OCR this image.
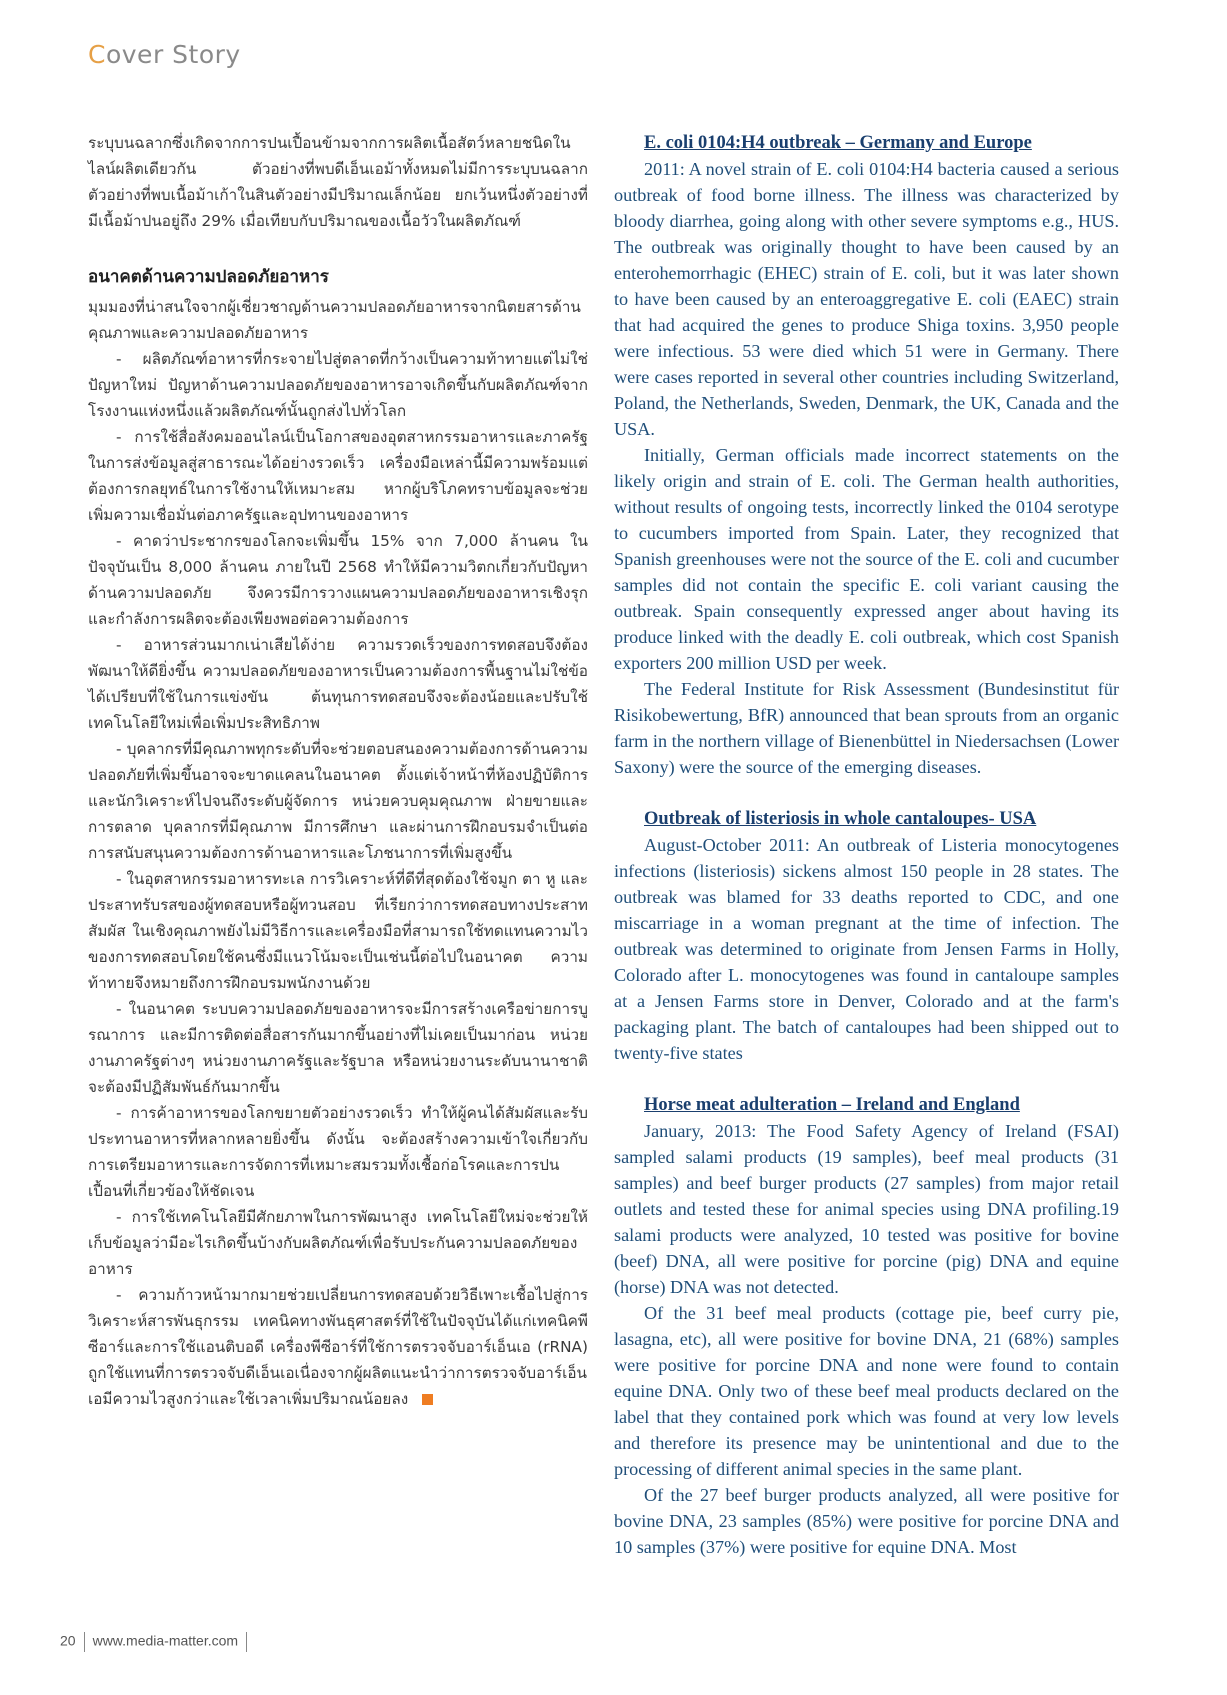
Cover Story

ระบุบนฉลากซึ่งเกิดจากการปนเปื้อนข้ามจากการผลิตเนื้อสัตว์หลายชนิดในไลน์ผลิตเดียวกัน ตัวอย่างที่พบดีเอ็นเอม้าทั้งหมดไม่มีการระบุบนฉลาก ตัวอย่างที่พบเนื้อม้าเก้าในสินตัวอย่างมีปริมาณเล็กน้อย ยกเว้นหนึ่งตัวอย่างที่มีเนื้อม้าปนอยู่ถึง 29% เมื่อเทียบกับปริมาณของเนื้อวัวในผลิตภัณฑ์

อนาคตด้านความปลอดภัยอาหาร

มุมมองที่น่าสนใจจากผู้เชี่ยวชาญด้านความปลอดภัยอาหารจากนิตยสารด้านคุณภาพและความปลอดภัยอาหาร

- ผลิตภัณฑ์อาหารที่กระจายไปสู่ตลาดที่กว้างเป็นความท้าทายแต่ไม่ใช่ปัญหาใหม่ ปัญหาด้านความปลอดภัยของอาหารอาจเกิดขึ้นกับผลิตภัณฑ์จากโรงงานแห่งหนึ่งแล้วผลิตภัณฑ์นั้นถูกส่งไปทั่วโลก

- การใช้สื่อสังคมออนไลน์เป็นโอกาสของอุตสาหกรรมอาหารและภาครัฐในการส่งข้อมูลสู่สาธารณะได้อย่างรวดเร็ว เครื่องมือเหล่านี้มีความพร้อมแต่ต้องการกลยุทธ์ในการใช้งานให้เหมาะสม หากผู้บริโภคทราบข้อมูลจะช่วยเพิ่มความเชื่อมั่นต่อภาครัฐและอุปทานของอาหาร

- คาดว่าประชากรของโลกจะเพิ่มขึ้น 15% จาก 7,000 ล้านคน ในปัจจุบันเป็น 8,000 ล้านคน ภายในปี 2568 ทำให้มีความวิตกเกี่ยวกับปัญหาด้านความปลอดภัย จึงควรมีการวางแผนความปลอดภัยของอาหารเชิงรุก และกำลังการผลิตจะต้องเพียงพอต่อความต้องการ

- อาหารส่วนมากเน่าเสียได้ง่าย ความรวดเร็วของการทดสอบจึงต้องพัฒนาให้ดียิ่งขึ้น ความปลอดภัยของอาหารเป็นความต้องการพื้นฐานไม่ใช่ข้อได้เปรียบที่ใช้ในการแข่งขัน ต้นทุนการทดสอบจึงจะต้องน้อยและปรับใช้เทคโนโลยีใหม่เพื่อเพิ่มประสิทธิภาพ

- บุคลากรที่มีคุณภาพทุกระดับที่จะช่วยตอบสนองความต้องการด้านความปลอดภัยที่เพิ่มขึ้นอาจจะขาดแคลนในอนาคต ตั้งแต่เจ้าหน้าที่ห้องปฏิบัติการและนักวิเคราะห์ไปจนถึงระดับผู้จัดการ หน่วยควบคุมคุณภาพ ฝ่ายขายและการตลาด บุคลากรที่มีคุณภาพ มีการศึกษา และผ่านการฝึกอบรมจำเป็นต่อการสนับสนุนความต้องการด้านอาหารและโภชนาการที่เพิ่มสูงขึ้น

- ในอุตสาหกรรมอาหารทะเล การวิเคราะห์ที่ดีที่สุดต้องใช้จมูก ตา หู และประสาทรับรสของผู้ทดสอบหรือผู้ทวนสอบ ที่เรียกว่าการทดสอบทางประสาทสัมผัส ในเชิงคุณภาพยังไม่มีวิธีการและเครื่องมือที่สามารถใช้ทดแทนความไวของการทดสอบโดยใช้คนซึ่งมีแนวโน้มจะเป็นเช่นนี้ต่อไปในอนาคต ความท้าทายจึงหมายถึงการฝึกอบรมพนักงานด้วย

- ในอนาคต ระบบความปลอดภัยของอาหารจะมีการสร้างเครือข่ายการบูรณาการ และมีการติดต่อสื่อสารกันมากขึ้นอย่างที่ไม่เคยเป็นมาก่อน หน่วยงานภาครัฐต่างๆ หน่วยงานภาครัฐและรัฐบาล หรือหน่วยงานระดับนานาชาติ จะต้องมีปฏิสัมพันธ์กันมากขึ้น

- การค้าอาหารของโลกขยายตัวอย่างรวดเร็ว ทำให้ผู้คนได้สัมผัสและรับประทานอาหารที่หลากหลายยิ่งขึ้น ดังนั้น จะต้องสร้างความเข้าใจเกี่ยวกับการเตรียมอาหารและการจัดการที่เหมาะสมรวมทั้งเชื้อก่อโรคและการปนเปื้อนที่เกี่ยวข้องให้ชัดเจน

- การใช้เทคโนโลยีมีศักยภาพในการพัฒนาสูง เทคโนโลยีใหม่จะช่วยให้เก็บข้อมูลว่ามีอะไรเกิดขึ้นบ้างกับผลิตภัณฑ์เพื่อรับประกันความปลอดภัยของอาหาร

- ความก้าวหน้ามากมายช่วยเปลี่ยนการทดสอบด้วยวิธีเพาะเชื้อไปสู่การวิเคราะห์สารพันธุกรรม เทคนิคทางพันธุศาสตร์ที่ใช้ในปัจจุบันได้แก่เทคนิคพีซีอาร์และการใช้แอนติบอดี เครื่องพีซีอาร์ที่ใช้การตรวจจับอาร์เอ็นเอ (rRNA) ถูกใช้แทนที่การตรวจจับดีเอ็นเอเนื่องจากผู้ผลิตแนะนำว่าการตรวจจับอาร์เอ็นเอมีความไวสูงกว่าและใช้เวลาเพิ่มปริมาณน้อยลง

E. coli 0104:H4 outbreak – Germany and Europe

2011: A novel strain of E. coli 0104:H4 bacteria caused a serious outbreak of food borne illness. The illness was characterized by bloody diarrhea, going along with other severe symptoms e.g., HUS. The outbreak was originally thought to have been caused by an enterohemorrhagic (EHEC) strain of E. coli, but it was later shown to have been caused by an enteroaggregative E. coli (EAEC) strain that had acquired the genes to produce Shiga toxins. 3,950 people were infectious. 53 were died which 51 were in Germany. There were cases reported in several other countries including Switzerland, Poland, the Netherlands, Sweden, Denmark, the UK, Canada and the USA.

Initially, German officials made incorrect statements on the likely origin and strain of E. coli. The German health authorities, without results of ongoing tests, incorrectly linked the 0104 serotype to cucumbers imported from Spain. Later, they recognized that Spanish greenhouses were not the source of the E. coli and cucumber samples did not contain the specific E. coli variant causing the outbreak. Spain consequently expressed anger about having its produce linked with the deadly E. coli outbreak, which cost Spanish exporters 200 million USD per week.

The Federal Institute for Risk Assessment (Bundesinstitut für Risikobewertung, BfR) announced that bean sprouts from an organic farm in the northern village of Bienenbüttel in Niedersachsen (Lower Saxony) were the source of the emerging diseases.

Outbreak of listeriosis in whole cantaloupes- USA

August-October 2011: An outbreak of Listeria monocytogenes infections (listeriosis) sickens almost 150 people in 28 states. The outbreak was blamed for 33 deaths reported to CDC, and one miscarriage in a woman pregnant at the time of infection. The outbreak was determined to originate from Jensen Farms in Holly, Colorado after L. monocytogenes was found in cantaloupe samples at a Jensen Farms store in Denver, Colorado and at the farm's packaging plant. The batch of cantaloupes had been shipped out to twenty-five states

Horse meat adulteration – Ireland and England

January, 2013: The Food Safety Agency of Ireland (FSAI) sampled salami products (19 samples), beef meal products (31 samples) and beef burger products (27 samples) from major retail outlets and tested these for animal species using DNA profiling.19 salami products were analyzed, 10 tested was positive for bovine (beef) DNA, all were positive for porcine (pig) DNA and equine (horse) DNA was not detected.

Of the 31 beef meal products (cottage pie, beef curry pie, lasagna, etc), all were positive for bovine DNA, 21 (68%) samples were positive for porcine DNA and none were found to contain equine DNA. Only two of these beef meal products declared on the label that they contained pork which was found at very low levels and therefore its presence may be unintentional and due to the processing of different animal species in the same plant.

Of the 27 beef burger products analyzed, all were positive for bovine DNA, 23 samples (85%) were positive for porcine DNA and 10 samples (37%) were positive for equine DNA. Most

20 www.media-matter.com
